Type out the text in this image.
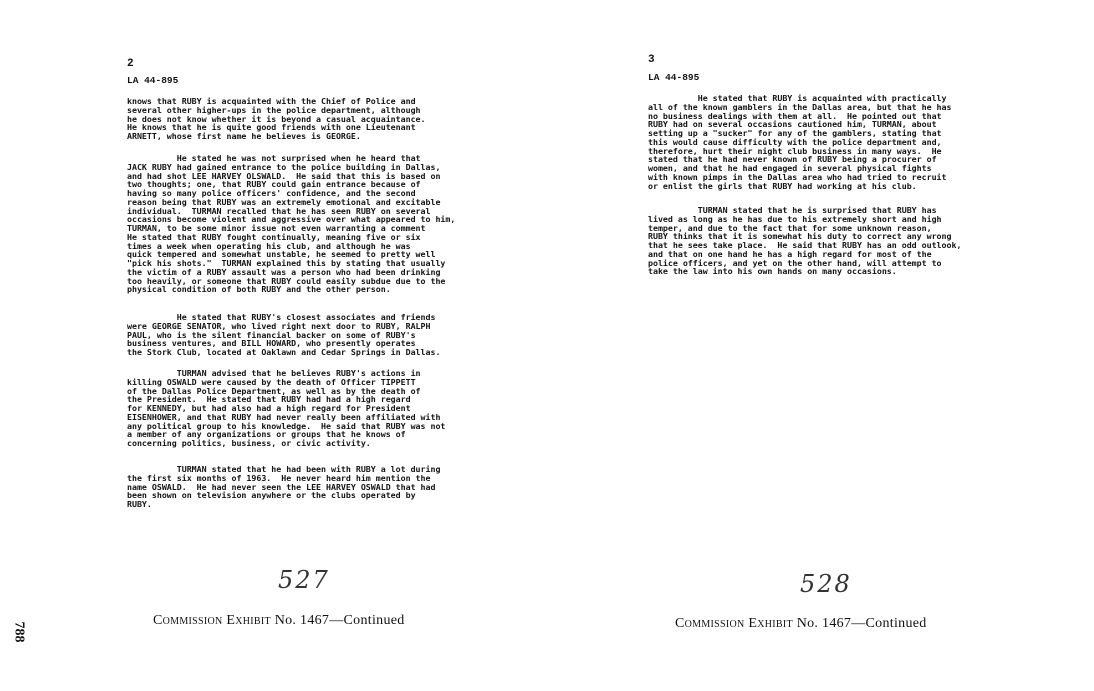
2
LA 44-895
knows that RUBY is acquainted with the Chief of Police and
several other higher-ups in the police department, although
he does not know whether it is beyond a casual acquaintance.
He knows that he is quite good friends with one Lieutenant
ARNETT, whose first name he believes is GEORGE.
He stated he was not surprised when he heard that
JACK RUBY had gained entrance to the police building in Dallas,
and had shot LEE HARVEY OLSWALD.  He said that this is based on
two thoughts; one, that RUBY could gain entrance because of
having so many police officers' confidence, and the second
reason being that RUBY was an extremely emotional and excitable
individual.  TURMAN recalled that he has seen RUBY on several
occasions become violent and aggressive over what appeared to him,
TURMAN, to be some minor issue not even warranting a comment
He stated that RUBY fought continually, meaning five or six
times a week when operating his club, and although he was
quick tempered and somewhat unstable, he seemed to pretty well
"pick his shots."  TURMAN explained this by stating that usually
the victim of a RUBY assault was a person who had been drinking
too heavily, or someone that RUBY could easily subdue due to the
physical condition of both RUBY and the other person.
He stated that RUBY's closest associates and friends
were GEORGE SENATOR, who lived right next door to RUBY, RALPH
PAUL, who is the silent financial backer on some of RUBY's
business ventures, and BILL HOWARD, who presently operates
the Stork Club, located at Oaklawn and Cedar Springs in Dallas.
TURMAN advised that he believes RUBY's actions in
killing OSWALD were caused by the death of Officer TIPPETT
of the Dallas Police Department, as well as by the death of
the President.  He stated that RUBY had had a high regard
for KENNEDY, but had also had a high regard for President
EISENHOWER, and that RUBY had never really been affiliated with
any political group to his knowledge.  He said that RUBY was not
a member of any organizations or groups that he knows of
concerning politics, business, or civic activity.
TURMAN stated that he had been with RUBY a lot during
the first six months of 1963.  He never heard him mention the
name OSWALD.  He had never seen the LEE HARVEY OSWALD that had
been shown on television anywhere or the clubs operated by
RUBY.
527
Commission Exhibit No. 1467—Continued
3
LA 44-895
He stated that RUBY is acquainted with practically
all of the known gamblers in the Dallas area, but that he has
no business dealings with them at all.  He pointed out that
RUBY had on several occasions cautioned him, TURMAN, about
setting up a "sucker" for any of the gamblers, stating that
this would cause difficulty with the police department and,
therefore, hurt their night club business in many ways.  He
stated that he had never known of RUBY being a procurer of
women, and that he had engaged in several physical fights
with known pimps in the Dallas area who had tried to recruit
or enlist the girls that RUBY had working at his club.
TURMAN stated that he is surprised that RUBY has
lived as long as he has due to his extremely short and high
temper, and due to the fact that for some unknown reason,
RUBY thinks that it is somewhat his duty to correct any wrong
that he sees take place.  He said that RUBY has an odd outlook,
and that on one hand he has a high regard for most of the
police officers, and yet on the other hand, will attempt to
take the law into his own hands on many occasions.
528
Commission Exhibit No. 1467—Continued
788
